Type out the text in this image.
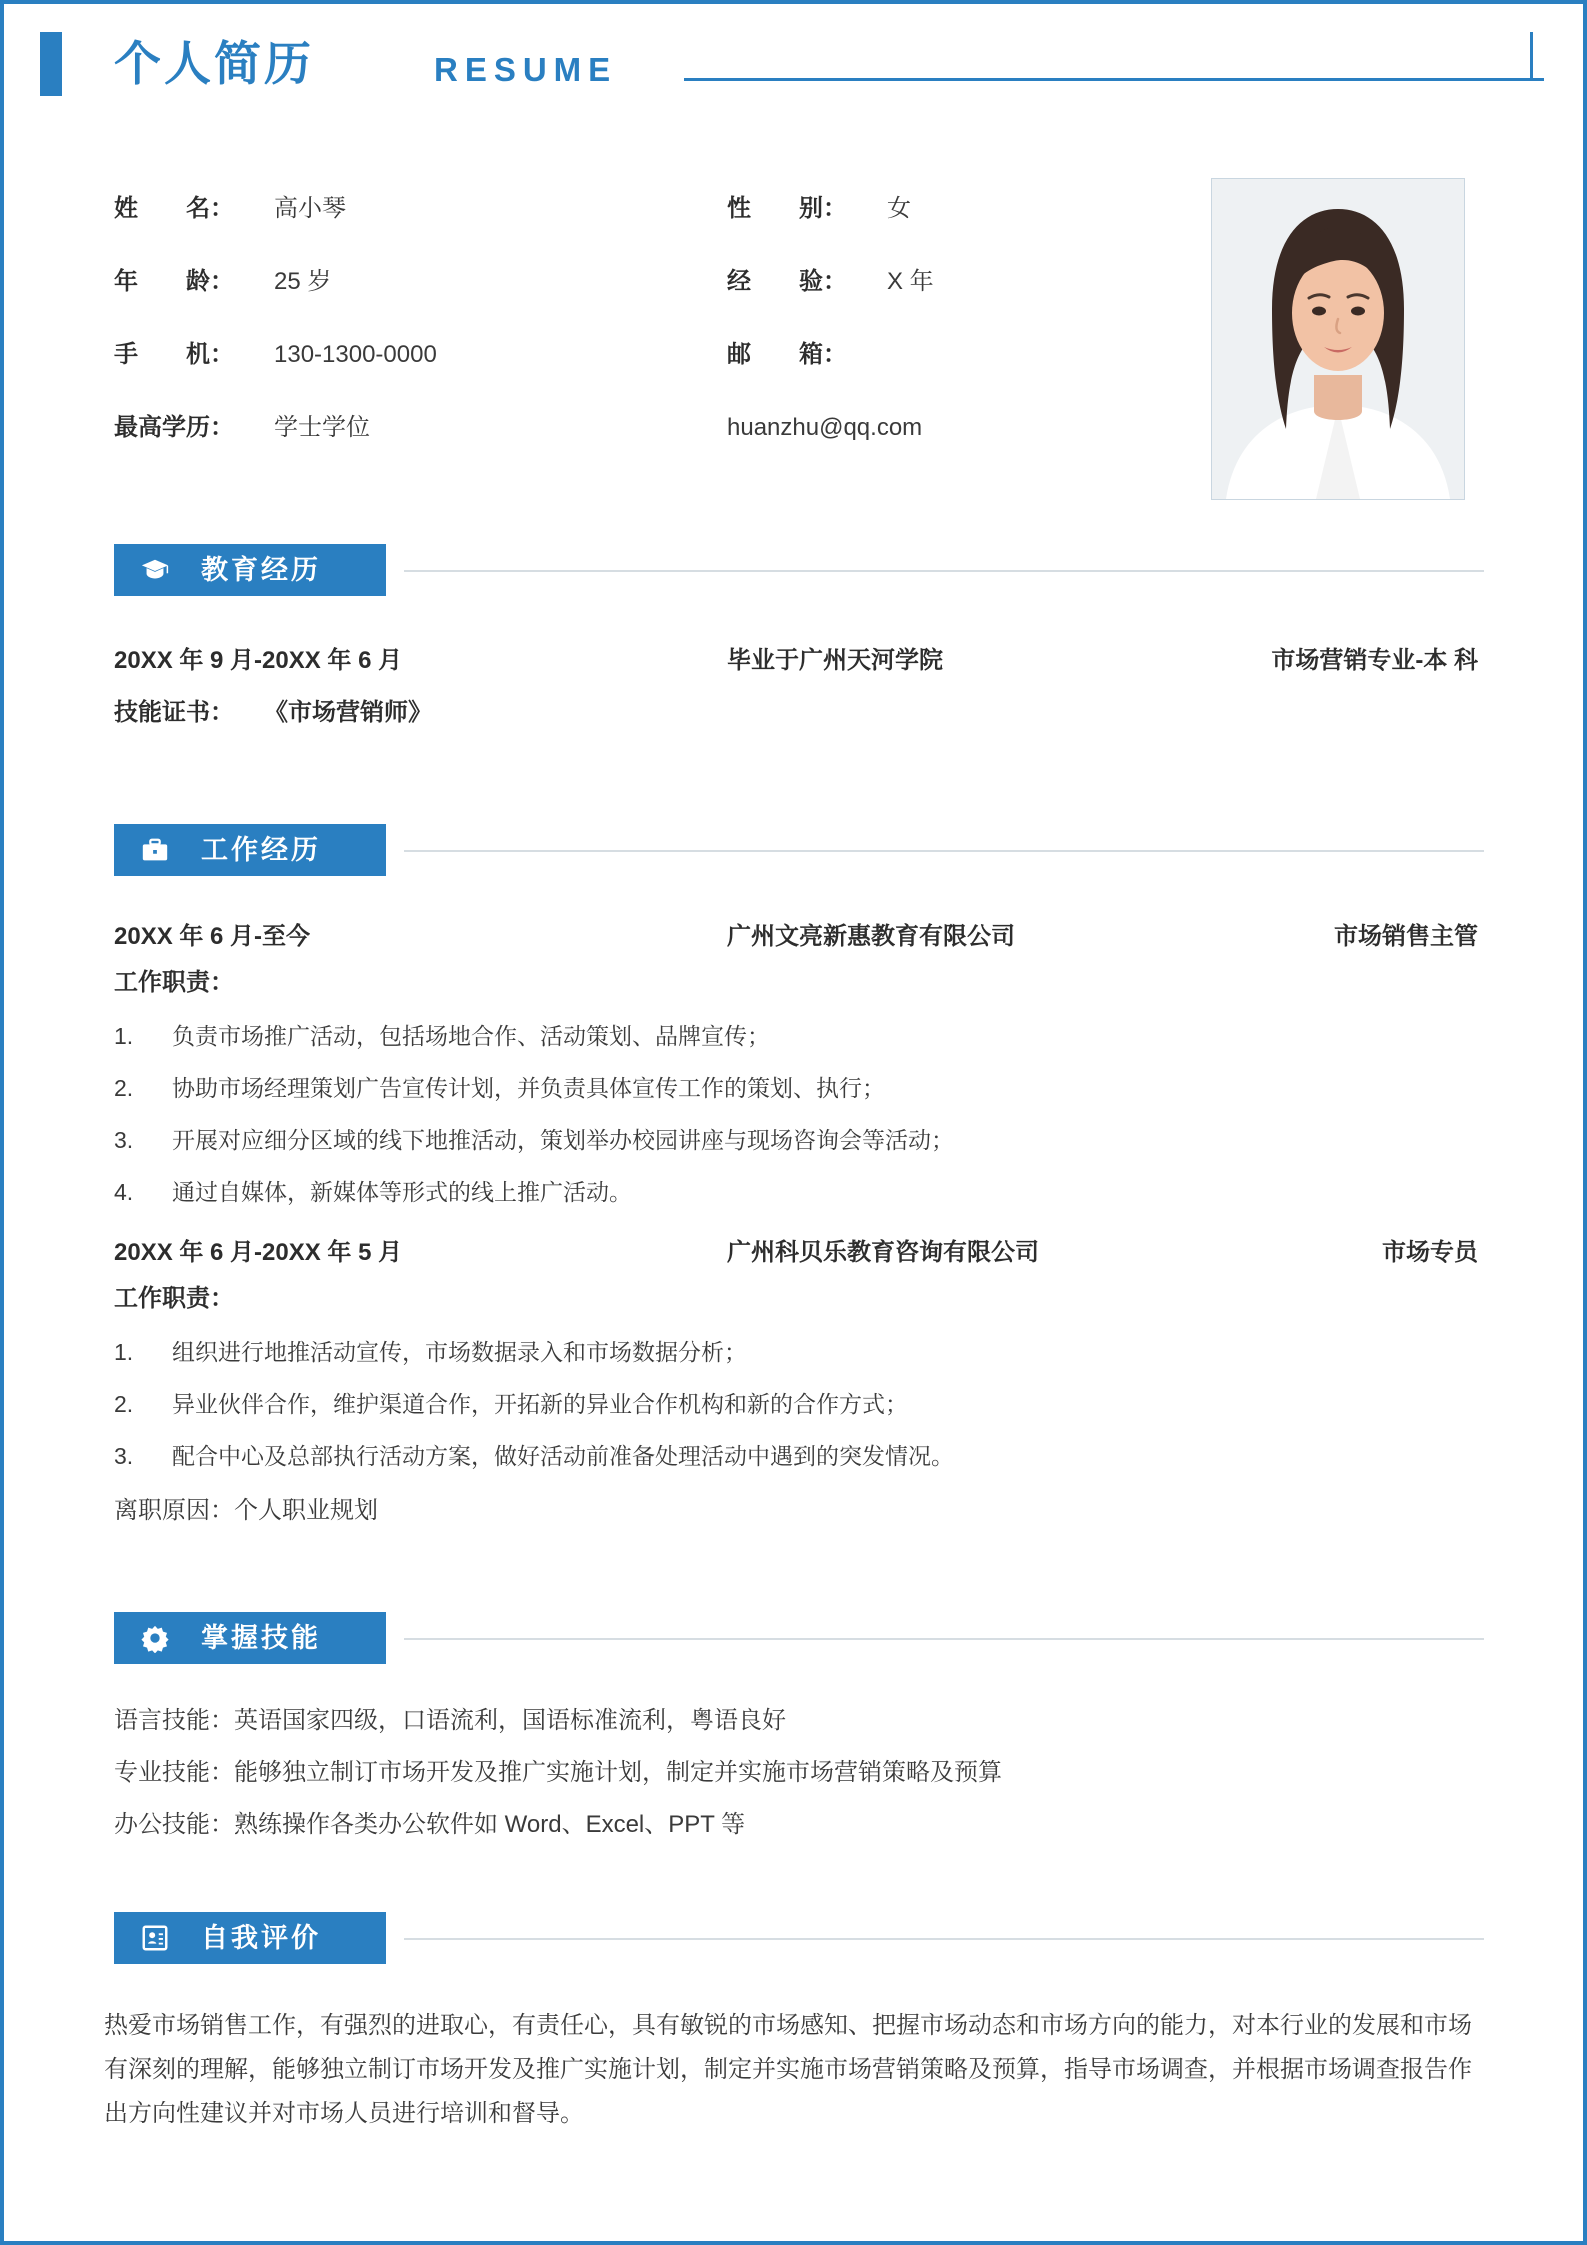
个人简历	RESUME
姓　　名： 高小琴
年　　龄： 25 岁
手　　机： 130-1300-0000
最高学历： 学士学位
性　　别： 女
经　　验： X 年
邮　　箱：
huanzhu@qq.com
教育经历
20XX 年 9 月-20XX 年 6 月	毕业于广州天河学院	市场营销专业-本 科
技能证书： 《市场营销师》
工作经历
20XX 年 6 月-至今	广州文亮新惠教育有限公司	市场销售主管
工作职责：
1. 负责市场推广活动，包括场地合作、活动策划、品牌宣传；
2. 协助市场经理策划广告宣传计划，并负责具体宣传工作的策划、执行；
3. 开展对应细分区域的线下地推活动，策划举办校园讲座与现场咨询会等活动；
4. 通过自媒体，新媒体等形式的线上推广活动。
20XX 年 6 月-20XX 年 5 月	广州科贝乐教育咨询有限公司	市场专员
工作职责：
1. 组织进行地推活动宣传，市场数据录入和市场数据分析；
2. 异业伙伴合作，维护渠道合作，开拓新的异业合作机构和新的合作方式；
3. 配合中心及总部执行活动方案，做好活动前准备处理活动中遇到的突发情况。
离职原因：个人职业规划
掌握技能
语言技能：英语国家四级，口语流利，国语标准流利，粤语良好
专业技能：能够独立制订市场开发及推广实施计划，制定并实施市场营销策略及预算
办公技能：熟练操作各类办公软件如 Word、Excel、PPT 等
自我评价
热爱市场销售工作，有强烈的进取心，有责任心，具有敏锐的市场感知、把握市场动态和市场方向的能力，对本行业的发展和市场有深刻的理解，能够独立制订市场开发及推广实施计划，制定并实施市场营销策略及预算，指导市场调查，并根据市场调查报告作出方向性建议并对市场人员进行培训和督导。
